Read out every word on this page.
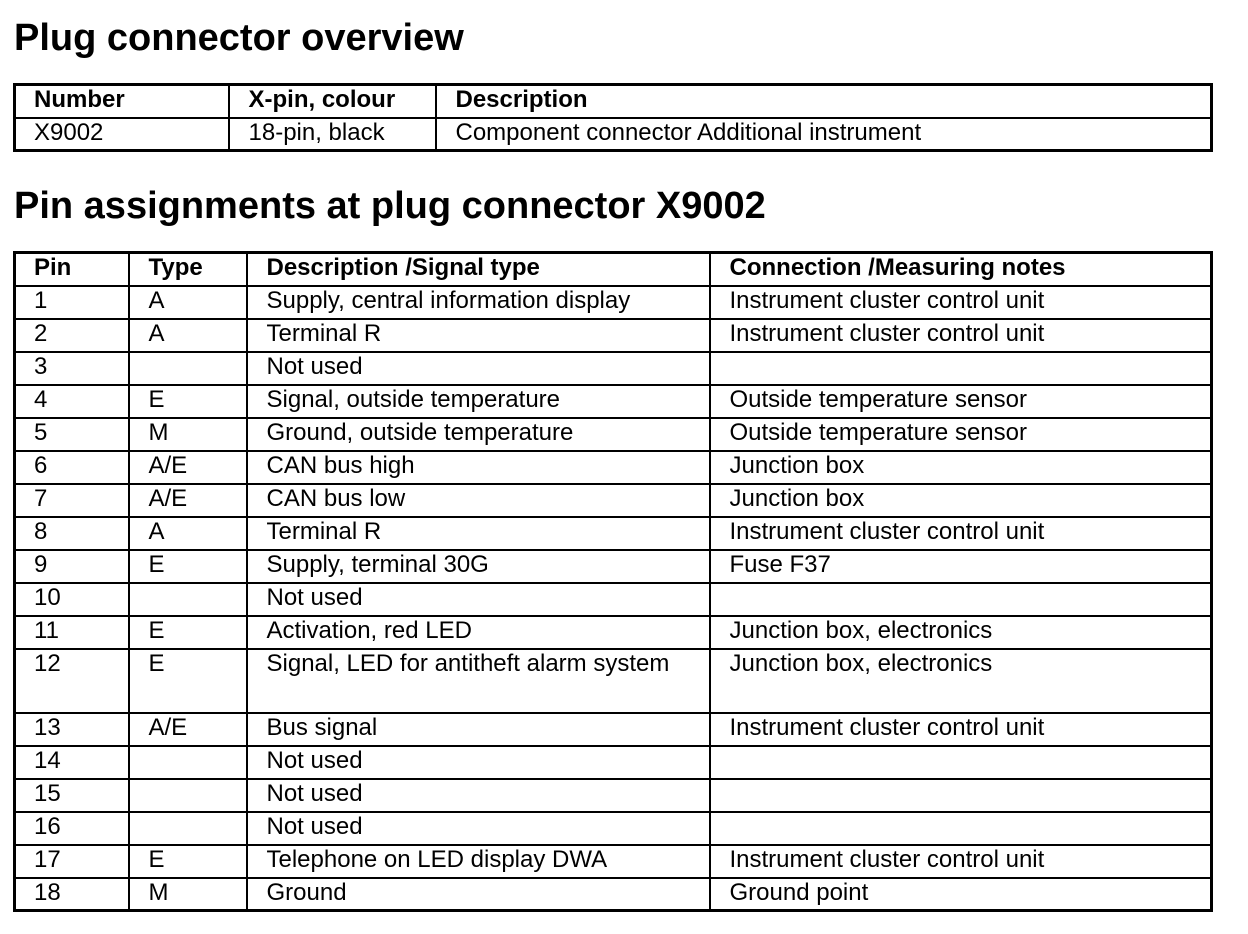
Plug connector overview
Number	X-pin, colour	Description
X9002	18-pin, black	Component connector Additional instrument
Pin assignments at plug connector X9002
Pin	Type	Description /Signal type	Connection /Measuring notes
1	A	Supply, central information display	Instrument cluster control unit
2	A	Terminal R	Instrument cluster control unit
3		Not used	
4	E	Signal, outside temperature	Outside temperature sensor
5	M	Ground, outside temperature	Outside temperature sensor
6	A/E	CAN bus high	Junction box
7	A/E	CAN bus low	Junction box
8	A	Terminal R	Instrument cluster control unit
9	E	Supply, terminal 30G	Fuse F37
10		Not used	
11	E	Activation, red LED	Junction box, electronics
12	E	Signal, LED for antitheft alarm system	Junction box, electronics
13	A/E	Bus signal	Instrument cluster control unit
14		Not used	
15		Not used	
16		Not used	
17	E	Telephone on LED display DWA	Instrument cluster control unit
18	M	Ground	Ground point
